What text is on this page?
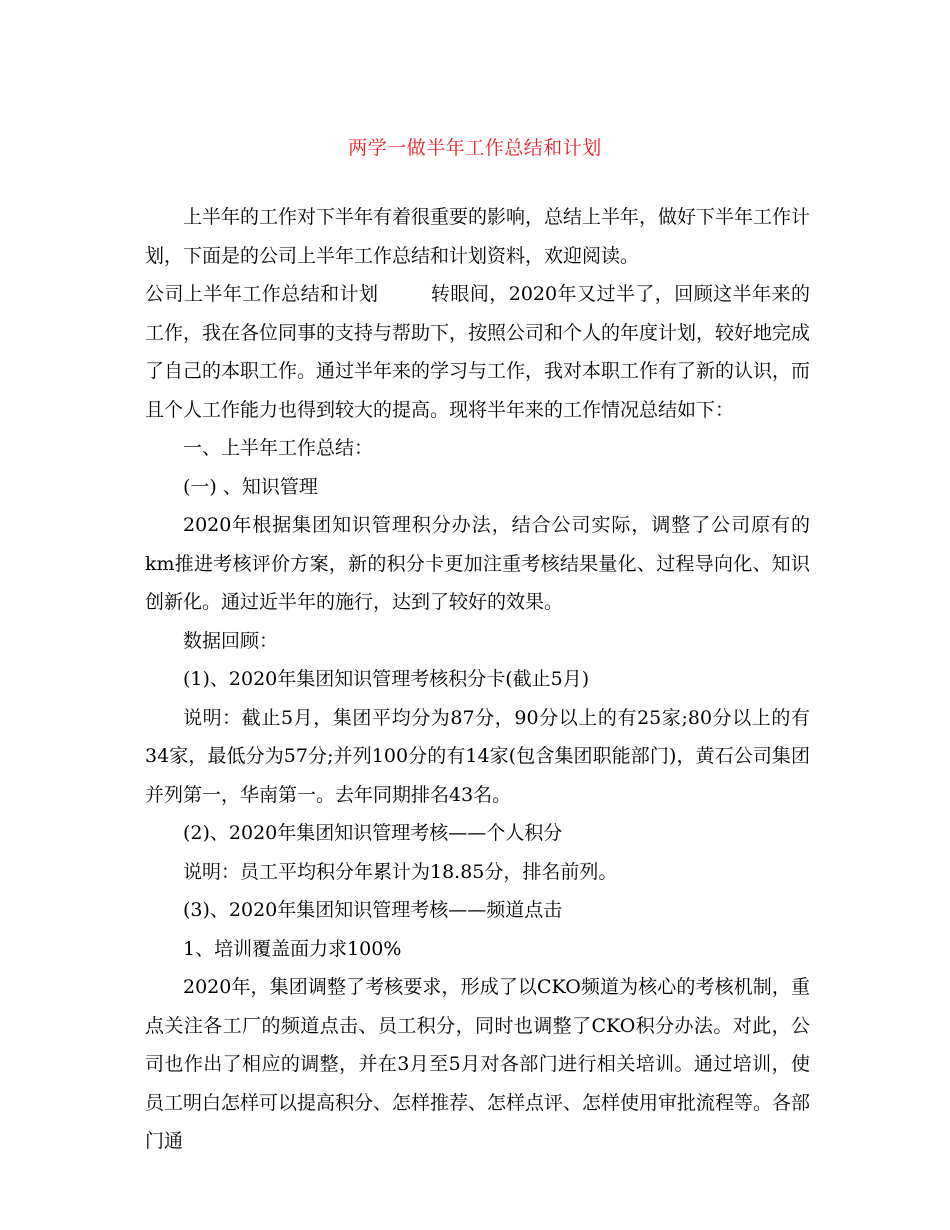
两学一做半年工作总结和计划

上半年的工作对下半年有着很重要的影响，总结上半年，做好下半年工作计划，下面是的公司上半年工作总结和计划资料，欢迎阅读。

公司上半年工作总结和计划	转眼间，2020年又过半了，回顾这半年来的工作，我在各位同事的支持与帮助下，按照公司和个人的年度计划，较好地完成了自己的本职工作。通过半年来的学习与工作，我对本职工作有了新的认识，而且个人工作能力也得到较大的提高。现将半年来的工作情况总结如下：

一、上半年工作总结：

(一) 、知识管理

2020年根据集团知识管理积分办法，结合公司实际，调整了公司原有的km推进考核评价方案，新的积分卡更加注重考核结果量化、过程导向化、知识创新化。通过近半年的施行，达到了较好的效果。

数据回顾：

(1)、2020年集团知识管理考核积分卡(截止5月)

说明：截止5月，集团平均分为87分，90分以上的有25家;80分以上的有34家，最低分为57分;并列100分的有14家(包含集团职能部门)，黄石公司集团并列第一，华南第一。去年同期排名43名。

(2)、2020年集团知识管理考核——个人积分

说明：员工平均积分年累计为18.85分，排名前列。

(3)、2020年集团知识管理考核——频道点击

1、培训覆盖面力求100%

2020年，集团调整了考核要求，形成了以CKO频道为核心的考核机制，重点关注各工厂的频道点击、员工积分，同时也调整了CKO积分办法。对此，公司也作出了相应的调整，并在3月至5月对各部门进行相关培训。通过培训，使员工明白怎样可以提高积分、怎样推荐、怎样点评、怎样使用审批流程等。各部门通
